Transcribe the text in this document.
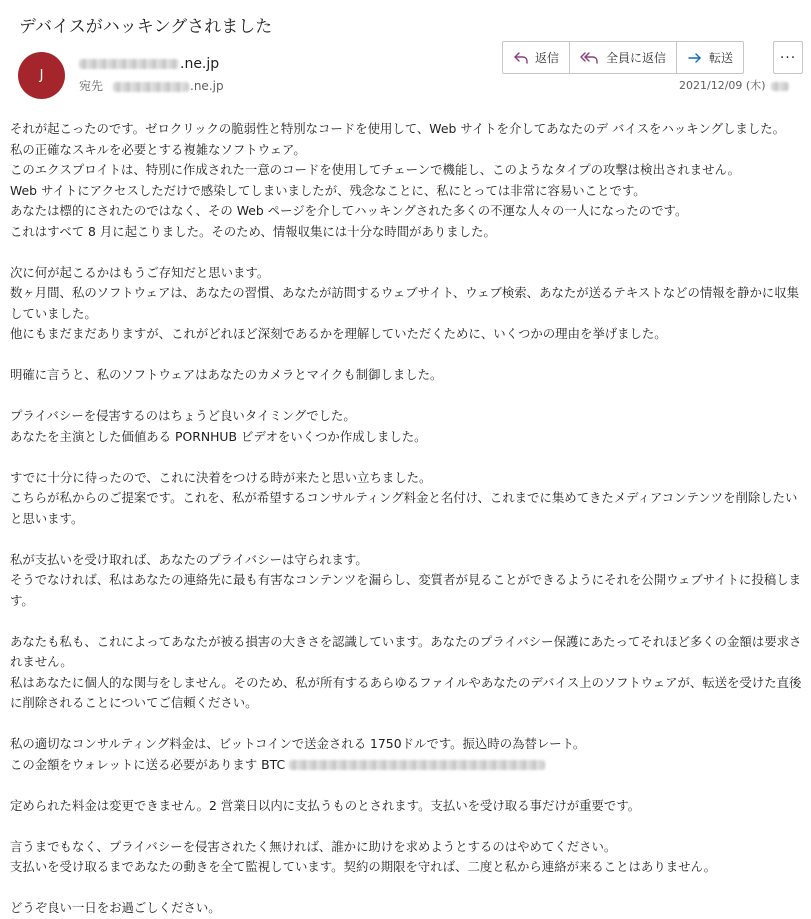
デバイスがハッキングされました
J
.ne.jp
宛先	.ne.jp
返信	全員に返信	転送	···
2021/12/09 (木)

それが起こったのです。ゼロクリックの脆弱性と特別なコードを使用して、Web サイトを介してあなたのデ バイスをハッキングしました。

私の正確なスキルを必要とする複雑なソフトウェア。

このエクスプロイトは、特別に作成された一意のコードを使用してチェーンで機能し、このようなタイプの攻撃は検出されません。

Web サイトにアクセスしただけで感染してしまいましたが、残念なことに、私にとっては非常に容易いことです。

あなたは標的にされたのではなく、その Web ページを介してハッキングされた多くの不運な人々の一人になったのです。

これはすべて 8 月に起こりました。そのため、情報収集には十分な時間がありました。

次に何が起こるかはもうご存知だと思います。

数ヶ月間、私のソフトウェアは、あなたの習慣、あなたが訪問するウェブサイト、ウェブ検索、あなたが送るテキストなどの情報を静かに収集していました。

他にもまだまだありますが、これがどれほど深刻であるかを理解していただくために、いくつかの理由を挙げました。

明確に言うと、私のソフトウェアはあなたのカメラとマイクも制御しました。

プライバシーを侵害するのはちょうど良いタイミングでした。

あなたを主演とした価値ある PORNHUB ビデオをいくつか作成しました。

すでに十分に待ったので、これに決着をつける時が来たと思い立ちました。

こちらが私からのご提案です。これを、私が希望するコンサルティング料金と名付け、これまでに集めてきたメディアコンテンツを削除したいと思います。

私が支払いを受け取れば、あなたのプライバシーは守られます。

そうでなければ、私はあなたの連絡先に最も有害なコンテンツを漏らし、変質者が見ることができるようにそれを公開ウェブサイトに投稿します。

あなたも私も、これによってあなたが被る損害の大きさを認識しています。あなたのプライバシー保護にあたってそれほど多くの金額は要求されません。

私はあなたに個人的な関与をしません。そのため、私が所有するあらゆるファイルやあなたのデバイス上のソフトウェアが、転送を受けた直後に削除されることについてご信頼ください。

私の適切なコンサルティング料金は、ビットコインで送金される 1750ドルです。振込時の為替レート。

この金額をウォレットに送る必要があります BTC

定められた料金は変更できません。2 営業日以内に支払うものとされます。支払いを受け取る事だけが重要です。

言うまでもなく、プライバシーを侵害されたく無ければ、誰かに助けを求めようとするのはやめてください。

支払いを受け取るまであなたの動きを全て監視しています。契約の期限を守れば、二度と私から連絡が来ることはありません。

どうぞ良い一日をお過ごしください。
